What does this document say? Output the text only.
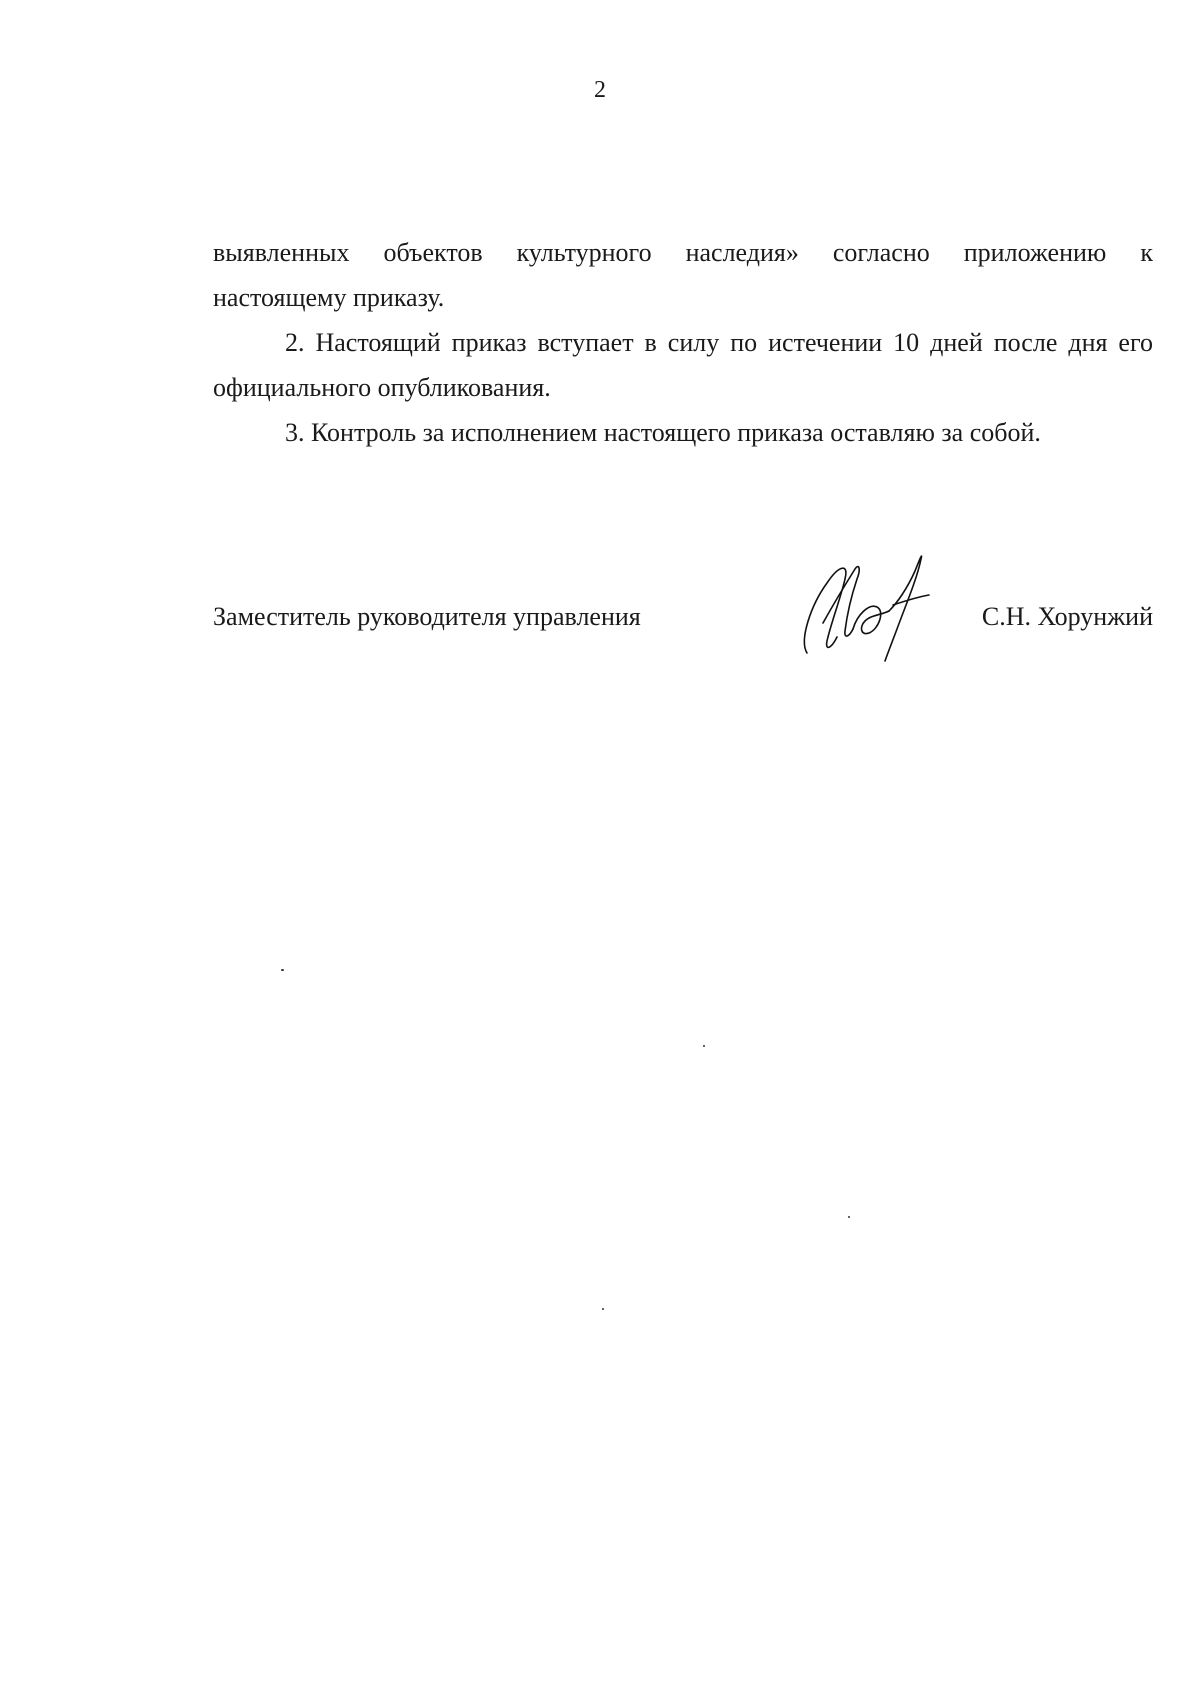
2

выявленных объектов культурного наследия» согласно приложению к
настоящему приказу.

2. Настоящий приказ вступает в силу по истечении 10 дней после дня его официального опубликования.

3. Контроль за исполнением настоящего приказа оставляю за собой.

Заместитель руководителя управления	С.Н. Хорунжий
